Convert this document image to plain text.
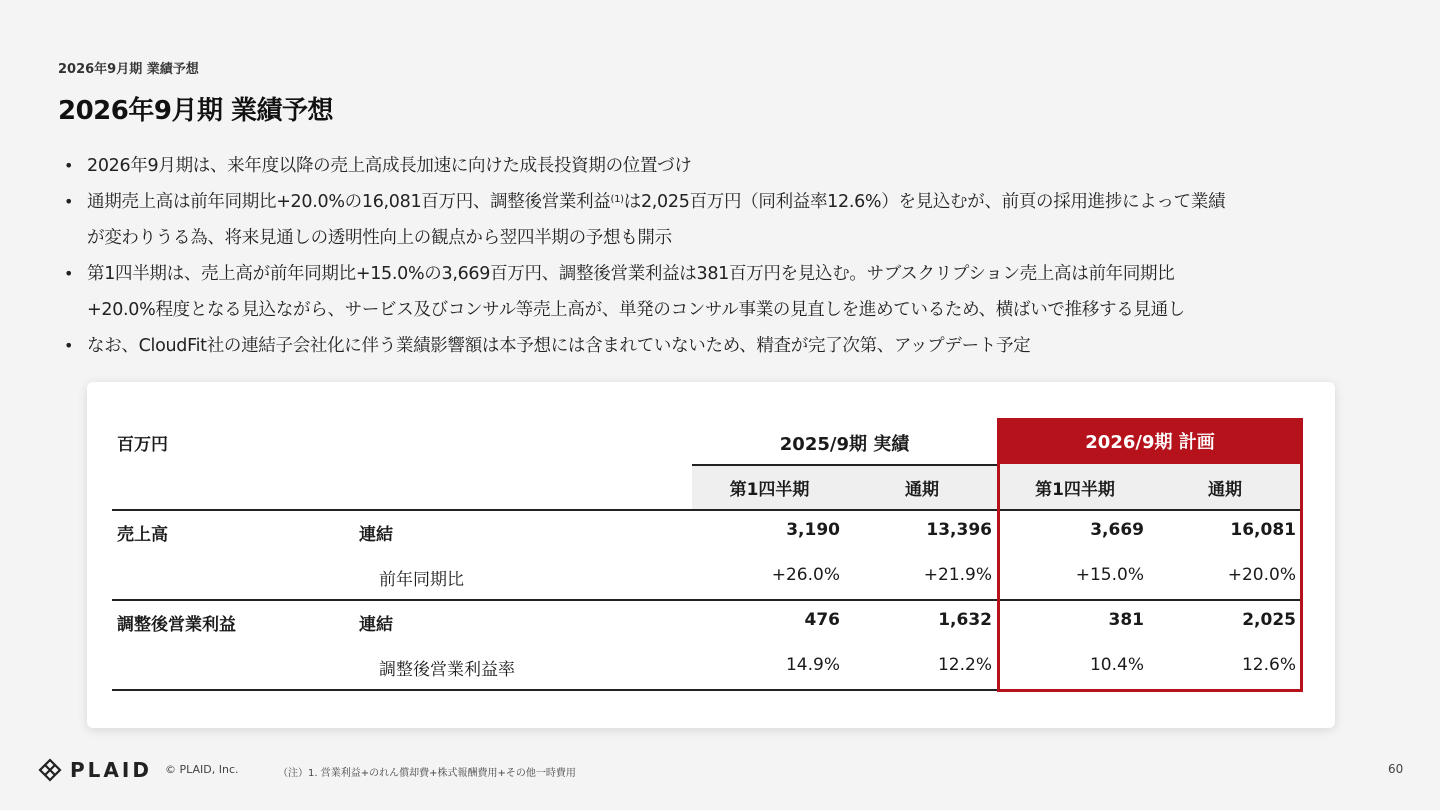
2026年9月期 業績予想
2026年9月期 業績予想
• 2026年9月期は、来年度以降の売上高成長加速に向けた成長投資期の位置づけ
• 通期売上高は前年同期比+20.0%の16,081百万円、調整後営業利益$^{(1)}$は2,025百万円（同利益率12.6%）を見込むが、前頁の採用進捗によって業績
が変わりうる為、将来見通しの透明性向上の観点から翌四半期の予想も開示
• 第1四半期は、売上高が前年同期比+15.0%の3,669百万円、調整後営業利益は381百万円を見込む。サブスクリプション売上高は前年同期比
+20.0%程度となる見込ながら、サービス及びコンサル等売上高が、単発のコンサル事業の見直しを進めているため、横ばいで推移する見通し
• なお、CloudFit社の連結子会社化に伴う業績影響額は本予想には含まれていないため、精査が完了次第、アップデート予定
2026/9期 計画
百万円	2025/9期 実績
第1四半期	通期	第1四半期	通期
売上高	連結	3,190	13,396	3,669	16,081
前年同期比	+26.0%	+21.9%	+15.0%	+20.0%
調整後営業利益	連結	476	1,632	381	2,025
調整後営業利益率	14.9%	12.2%	10.4%	12.6%
PLAID © PLAID, Inc.	（注）1. 営業利益+のれん償却費+株式報酬費用+その他一時費用	60
